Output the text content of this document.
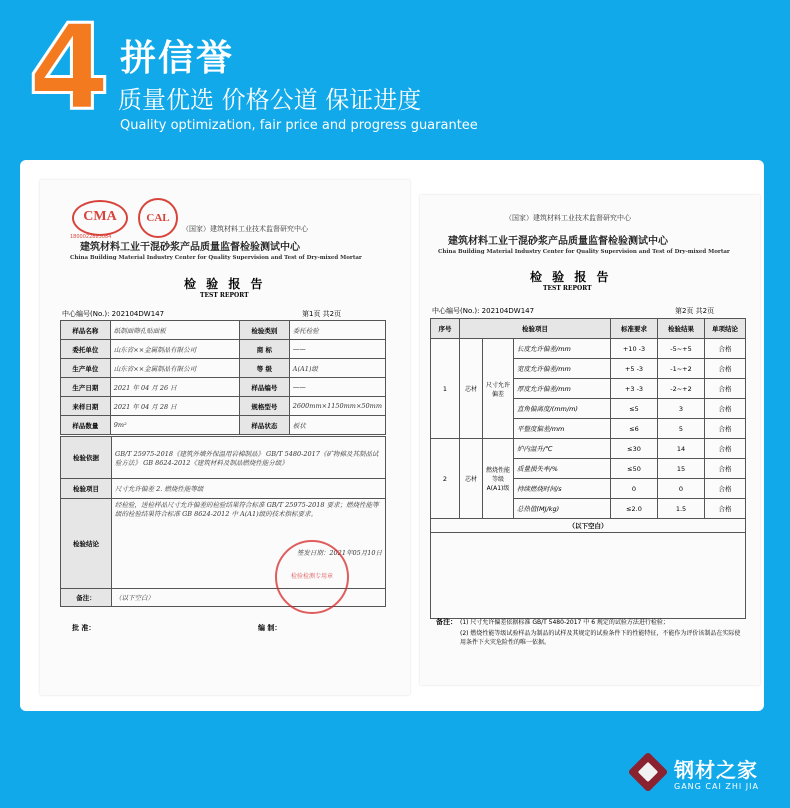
4 拼信誉
质量优选 价格公道 保证进度
Quality optimization, fair price and progress guarantee
CMA
1800022883084
CAL
（国家）建筑材料工业技术监督研究中心
建筑材料工业干混砂浆产品质量监督检验测试中心
China Building Material Industry Center for Quality Supervision and Test of Dry-mixed Mortar
检 验 报 告
TEST REPORT
中心编号(No.): 202104DW147	第1页 共2页
样品名称	纸制面筛孔贴面板	检验类别	委托检验
委托单位	山东省××金属制品有限公司	商 标	——
生产单位	山东省××金属制品有限公司	等 级	A(A1)级
生产日期	2021 年 04 月 26 日	样品编号	——
来样日期	2021 年 04 月 28 日	规格型号	2600mm×1150mm×50mm
样品数量	9m²	样品状态	板状
检验依据	GB/T 25975-2018《建筑外墙外保温用岩棉制品》 GB/T 5480-2017《矿物棉及其制品试验方法》 GB 8624-2012《建筑材料及制品燃烧性能分级》
检验项目	尺寸允许偏差 2. 燃烧性能等级
检验结论	经检验，送检样品尺寸允许偏差的检验结果符合标准 GB/T 25975-2018 要求；燃烧性能等级的检验结果符合标准 GB 8624-2012 中 A(A1)级的技术指标要求。
签发日期：2021年05月10日

备注：	（以下空白）
批 准：	编 制：
检验检测专用章
（国家）建筑材料工业技术监督研究中心
建筑材料工业干混砂浆产品质量监督检验测试中心
China Building Material Industry Center for Quality Supervision and Test of Dry-mixed Mortar
检 验 报 告
TEST REPORT
中心编号(No.): 202104DW147	第2页 共2页
序号	检验项目			标准要求	检验结果	单项结论
1	芯材	尺寸允许偏差	长度允许偏差/mm	+10 -3	-5~+5	合格
			宽度允许偏差/mm	+5 -3	-1~+2	合格
			厚度允许偏差/mm	+3 -3	-2~+2	合格
			直角偏离度/(mm/m)	≤5	3	合格
			平整度偏差/mm	≤6	5	合格
2	芯材	燃烧性能等级 A(A1)级	炉内温升/℃	≤30	14	合格
			质量损失率/%	≤50	15	合格
			持续燃烧时间/s	0	0	合格
			总热值(MJ/kg)	≤2.0	1.5	合格
（以下空白）						

备注： (1) 尺寸允许偏差依据标准 GB/T 5480-2017 中 6 规定的试验方法进行检验；
(2) 燃烧性能等级试验样品为制品的试样及其规定的试验条件下的性能特征，不能作为评价该制品在实际使用条件下火灾危险性的唯一依据。
钢材之家
GANG CAI ZHI JIA
